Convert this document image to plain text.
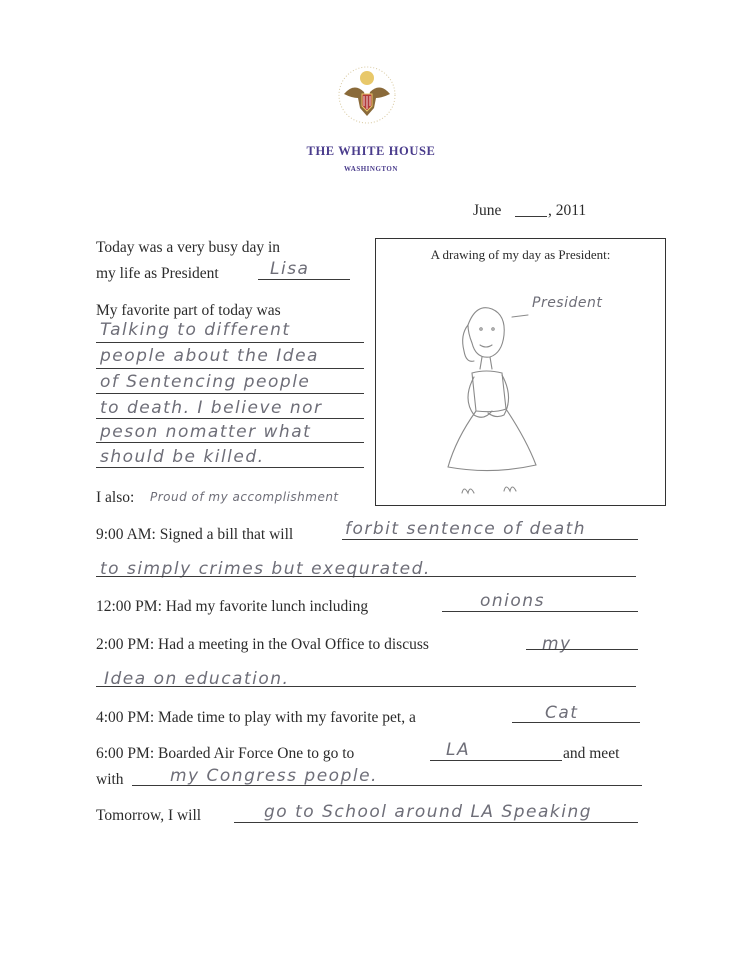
THE WHITE HOUSE
WASHINGTON
June	, 2011
Today was a very busy day in
my life as President	Lisa
My favorite part of today was
Talking to different
people about the Idea
of Sentencing people
to death. I believe nor
peson nomatter what
should be killed.
A drawing of my day as President:
President
I also: Proud of my accomplishment
9:00 AM: Signed a bill that will	forbit sentence of death
to simply crimes but exequrated.
12:00 PM: Had my favorite lunch including	onions
2:00 PM: Had a meeting in the Oval Office to discuss	my
Idea on education.
4:00 PM: Made time to play with my favorite pet, a	Cat
6:00 PM: Boarded Air Force One to go to	LA	and meet
with	my Congress people.
Tomorrow, I will	go to School around LA Speaking
